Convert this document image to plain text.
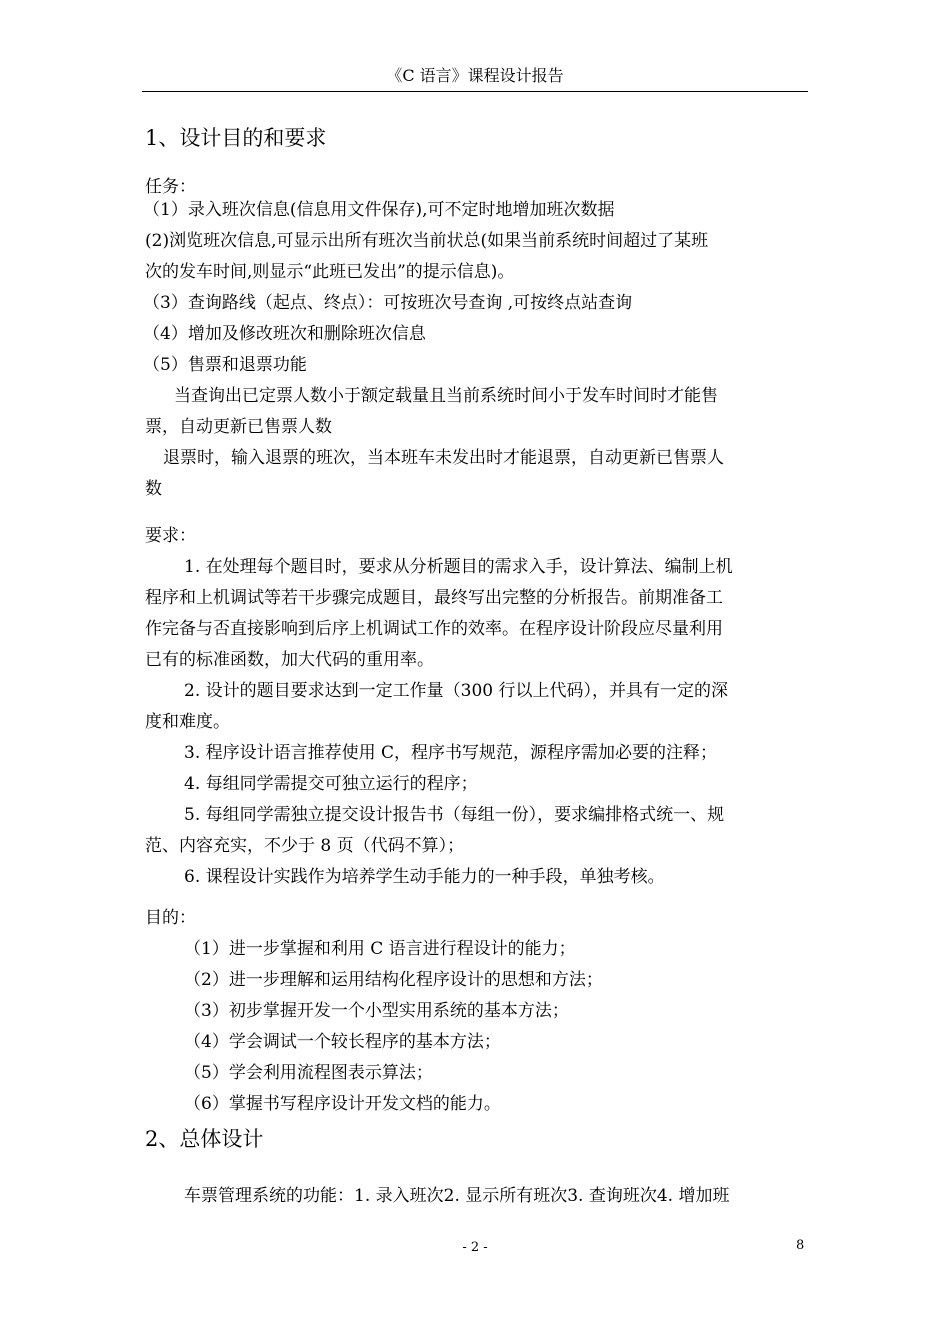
《C 语言》课程设计报告
1、设计目的和要求
任务：
（1）录入班次信息(信息用文件保存),可不定时地增加班次数据
(2)浏览班次信息,可显示出所有班次当前状总(如果当前系统时间超过了某班
次的发车时间,则显示“此班已发出”的提示信息)。
（3）查询路线（起点、终点）：可按班次号查询 ,可按终点站查询
（4）增加及修改班次和删除班次信息
（5）售票和退票功能
当查询出已定票人数小于额定载量且当前系统时间小于发车时间时才能售
票，自动更新已售票人数
退票时，输入退票的班次，当本班车未发出时才能退票，自动更新已售票人
数
要求：
1. 在处理每个题目时，要求从分析题目的需求入手，设计算法、编制上机
程序和上机调试等若干步骤完成题目，最终写出完整的分析报告。前期准备工
作完备与否直接影响到后序上机调试工作的效率。在程序设计阶段应尽量利用
已有的标准函数，加大代码的重用率。
2. 设计的题目要求达到一定工作量（300 行以上代码），并具有一定的深
度和难度。
3. 程序设计语言推荐使用 C，程序书写规范，源程序需加必要的注释；
4. 每组同学需提交可独立运行的程序；
5. 每组同学需独立提交设计报告书（每组一份），要求编排格式统一、规
范、内容充实，不少于 8 页（代码不算）；
6. 课程设计实践作为培养学生动手能力的一种手段，单独考核。
目的：
（1）进一步掌握和利用 C 语言进行程设计的能力；
（2）进一步理解和运用结构化程序设计的思想和方法；
（3）初步掌握开发一个小型实用系统的基本方法；
（4）学会调试一个较长程序的基本方法；
（5）学会利用流程图表示算法；
（6）掌握书写程序设计开发文档的能力。
2、总体设计
车票管理系统的功能：1. 录入班次2. 显示所有班次3. 查询班次4. 增加班
- 2 -	8
